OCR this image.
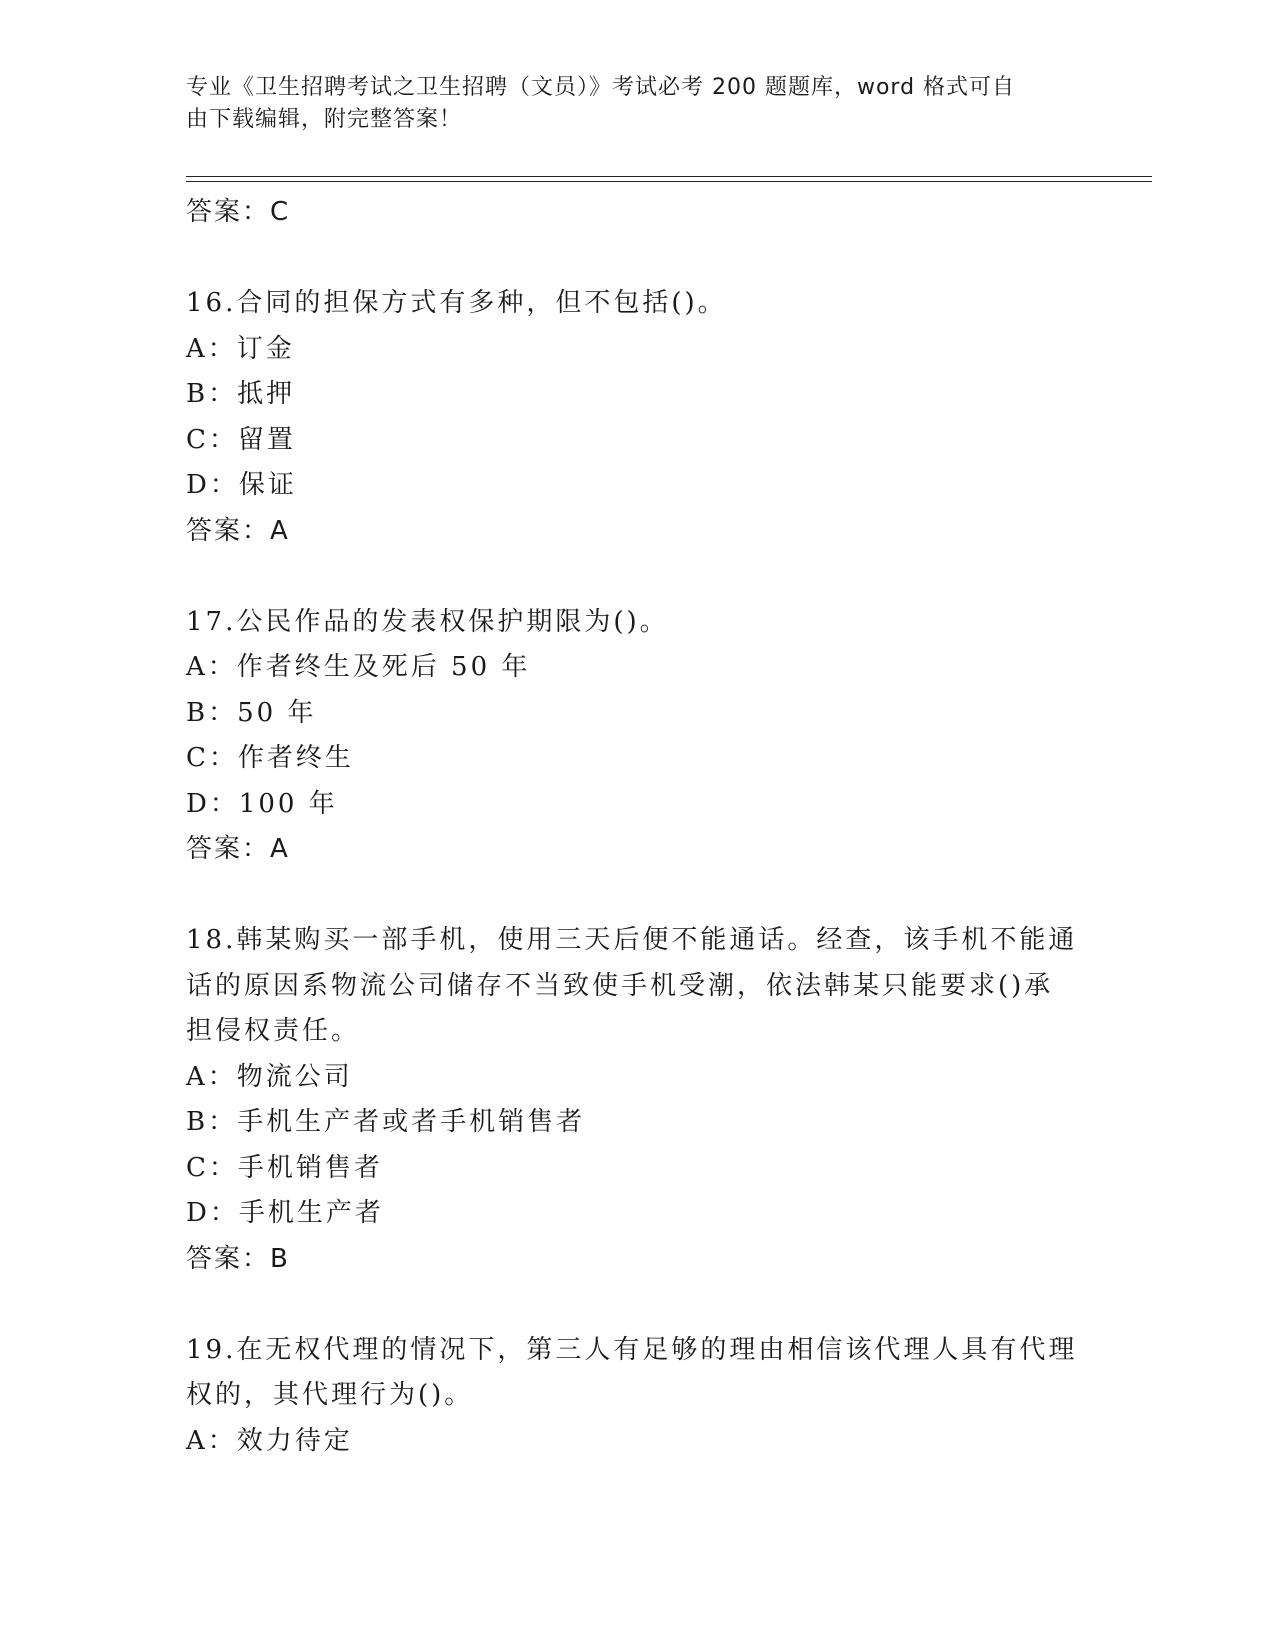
专业《卫生招聘考试之卫生招聘（文员）》考试必考 200 题题库，word 格式可自
由下载编辑，附完整答案！
答案：C
16.合同的担保方式有多种，但不包括()。
A：订金
B：抵押
C：留置
D：保证
答案：A
17.公民作品的发表权保护期限为()。
A：作者终生及死后 50 年
B：50 年
C：作者终生
D：100 年
答案：A
18.韩某购买一部手机，使用三天后便不能通话。经查，该手机不能通
话的原因系物流公司储存不当致使手机受潮，依法韩某只能要求()承
担侵权责任。
A：物流公司
B：手机生产者或者手机销售者
C：手机销售者
D：手机生产者
答案：B
19.在无权代理的情况下，第三人有足够的理由相信该代理人具有代理
权的，其代理行为()。
A：效力待定
